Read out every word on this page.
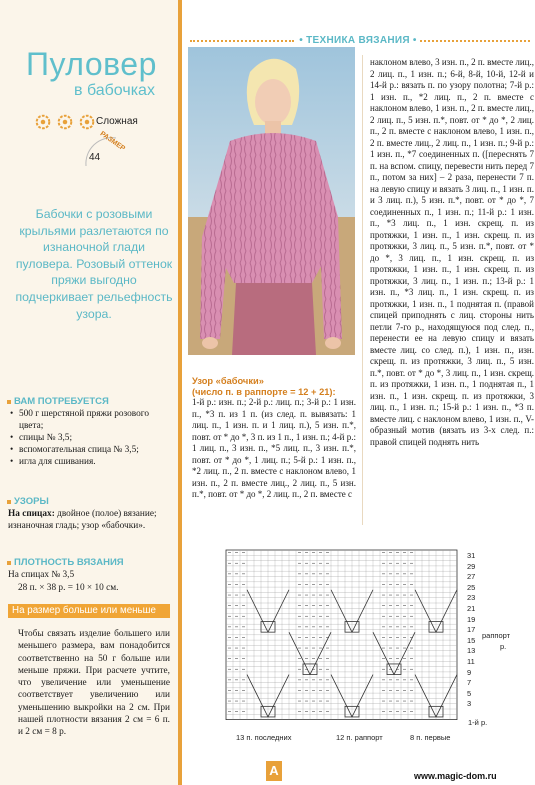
Пуловер
в бабочках
Сложная
РАЗМЕР
44
Бабочки с розовыми крыльями разлетаются по изнаночной глади пуловера. Розовый оттенок пряжи выгодно подчеркивает рельефность узора.
ВАМ ПОТРЕБУЕТСЯ
• 500 г шерстяной пряжи розового цвета;
• спицы № 3,5;
• вспомогательная спица № 3,5;
• игла для сшивания.
УЗОРЫ
На спицах: двойное (полое) вязание; изнаночная гладь; узор «бабочки».
ПЛОТНОСТЬ ВЯЗАНИЯ
На спицах № 3,5
28 п. × 38 р. = 10 × 10 см.
На размер больше или меньше
Чтобы связать изделие большего или меньшего размера, вам понадобится соответственно на 50 г больше или меньше пряжи. При расчете учтите, что увеличение или уменьшение соответствует увеличению или уменьшению выкройки на 2 см. При нашей плотности вязания 2 см = 6 п. и 2 см = 8 р.
• ТЕХНИКА ВЯЗАНИЯ •
Узор «бабочки»
(число п. в раппорте = 12 + 21):
1-й р.: изн. п.; 2-й р.: лиц. п.; 3-й р.: 1 изн. п., *3 п. из 1 п. (из след. п. вывязать: 1 лиц. п., 1 изн. п. и 1 лиц. п.), 5 изн. п.*, повт. от * до *, 3 п. из 1 п., 1 изн. п.; 4-й р.: 1 лиц. п., 3 изн. п., *5 лиц. п., 3 изн. п.*, повт. от * до *, 1 лиц. п.; 5-й р.: 1 изн. п., *2 лиц. п., 2 п. вместе с наклоном влево, 1 изн. п., 2 п. вместе лиц., 2 лиц. п., 5 изн. п.*, повт. от * до *, 2 лиц. п., 2 п. вместе с
наклоном влево, 3 изн. п., 2 п. вместе лиц., 2 лиц. п., 1 изн. п.; 6-й, 8-й, 10-й, 12-й и 14-й р.: вязать п. по узору полотна; 7-й р.: 1 изн. п., *2 лиц. п., 2 п. вместе с наклоном влево, 1 изн. п., 2 п. вместе лиц., 2 лиц. п., 5 изн. п.*, повт. от * до *, 2 лиц. п., 2 п. вместе с наклоном влево, 1 изн. п., 2 п. вместе лиц., 2 лиц. п., 1 изн. п.; 9-й р.: 1 изн. п., *7 соединенных п. ([переснять 7 п. на вспом. спицу, перевести нить перед 7 п., потом за них] – 2 раза, перенести 7 п. на левую спицу и вязать 3 лиц. п., 1 изн. п. и 3 лиц. п.), 5 изн. п.*, повт. от * до *, 7 соединенных п., 1 изн. п.; 11-й р.: 1 изн. п., *3 лиц. п., 1 изн. скрещ. п. из протяжки, 1 изн. п., 1 изн. скрещ. п. из протяжки, 3 лиц. п., 5 изн. п.*, повт. от * до *, 3 лиц. п., 1 изн. скрещ. п. из протяжки, 1 изн. п., 1 изн. скрещ. п. из протяжки, 3 лиц. п., 1 изн. п.; 13-й р.: 1 изн. п., *3 лиц. п., 1 изн. скрещ. п. из протяжки, 1 изн. п., 1 поднятая п. (правой спицей приподнять с лиц. стороны нить петли 7-го р., находящуюся под след. п., перенести ее на левую спицу и вязать вместе лиц. со след. п.), 1 изн. п., изн. скрещ. п. из протяжки, 3 лиц. п., 5 изн. п.*, повт. от * до *, 3 лиц. п., 1 изн. скрещ. п. из протяжки, 1 изн. п., 1 поднятая п., 1 изн. п., 1 изн. скрещ. п. из протяжки, 3 лиц. п., 1 изн. п.; 15-й р.: 1 изн. п., *3 п. вместе лиц. с наклоном влево, 1 изн. п., V-образный мотив (вязать из 3-х след. п.: правой спицей поднять нить
31
29
27
25
23
21
19
17
15
13
11
9
7
5
3
1-й р.
раппорт
р.
13 п. последних	12 п. раппорт	8 п. первые
A	www.magic-dom.ru
